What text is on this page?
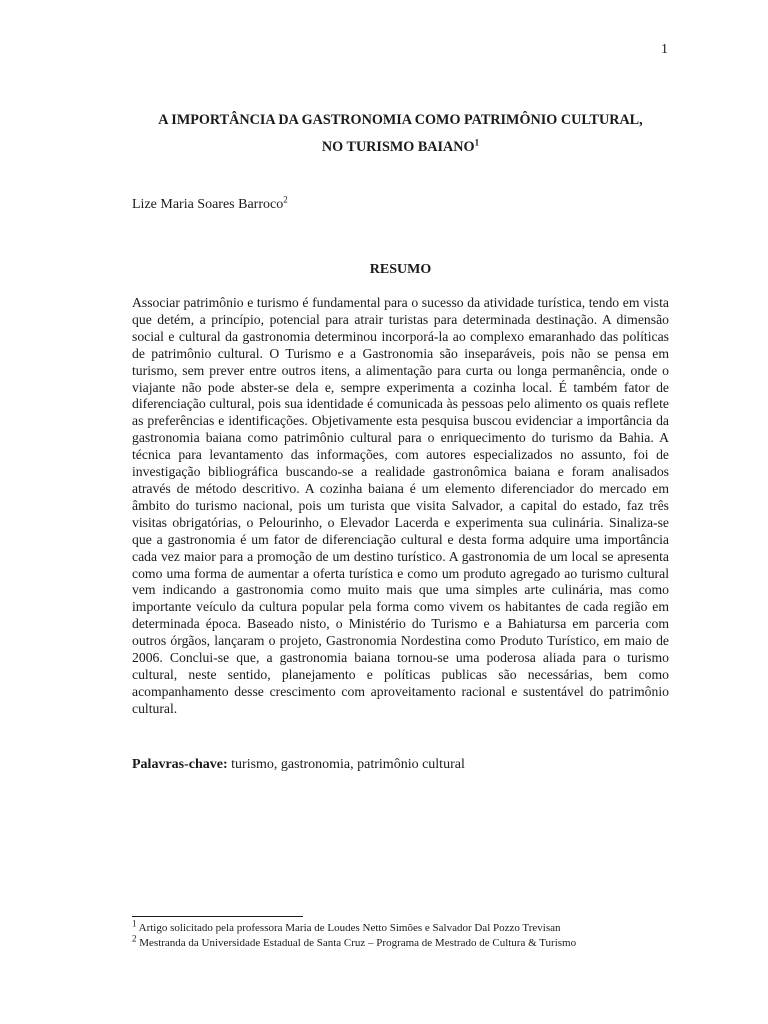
1
A IMPORTÂNCIA DA GASTRONOMIA COMO PATRIMÔNIO CULTURAL,
NO TURISMO BAIANO$^1$
Lize Maria Soares Barroco$^2$
RESUMO

Associar patrimônio e turismo é fundamental para o sucesso da atividade turística, tendo em vista que detém, a princípio, potencial para atrair turistas para determinada destinação. A dimensão social e cultural da gastronomia determinou incorporá-la ao complexo emaranhado das políticas de patrimônio cultural. O Turismo e a Gastronomia são inseparáveis, pois não se pensa em turismo, sem prever entre outros itens, a alimentação para curta ou longa permanência, onde o viajante não pode abster-se dela e, sempre experimenta a cozinha local. É também fator de diferenciação cultural, pois sua identidade é comunicada às pessoas pelo alimento os quais reflete as preferências e identificações. Objetivamente esta pesquisa buscou evidenciar a importância da gastronomia baiana como patrimônio cultural para o enriquecimento do turismo da Bahia. A técnica para levantamento das informações, com autores especializados no assunto, foi de investigação bibliográfica buscando-se a realidade gastronômica baiana e foram analisados através de método descritivo. A cozinha baiana é um elemento diferenciador do mercado em âmbito do turismo nacional, pois um turista que visita Salvador, a capital do estado, faz três visitas obrigatórias, o Pelourinho, o Elevador Lacerda e experimenta sua culinária. Sinaliza-se que a gastronomia é um fator de diferenciação cultural e desta forma adquire uma importância cada vez maior para a promoção de um destino turístico. A gastronomia de um local se apresenta como uma forma de aumentar a oferta turística e como um produto agregado ao turismo cultural vem indicando a gastronomia como muito mais que uma simples arte culinária, mas como importante veículo da cultura popular pela forma como vivem os habitantes de cada região em determinada época. Baseado nisto, o Ministério do Turismo e a Bahiatursa em parceria com outros órgãos, lançaram o projeto, Gastronomia Nordestina como Produto Turístico, em maio de 2006. Conclui-se que, a gastronomia baiana tornou-se uma poderosa aliada para o turismo cultural, neste sentido, planejamento e políticas publicas são necessárias, bem como acompanhamento desse crescimento com aproveitamento racional e sustentável do patrimônio cultural.

Palavras-chave: turismo, gastronomia, patrimônio cultural

$^1$ Artigo solicitado pela professora Maria de Loudes Netto Simões e Salvador Dal Pozzo Trevisan

$^2$ Mestranda da Universidade Estadual de Santa Cruz – Programa de Mestrado de Cultura & Turismo
